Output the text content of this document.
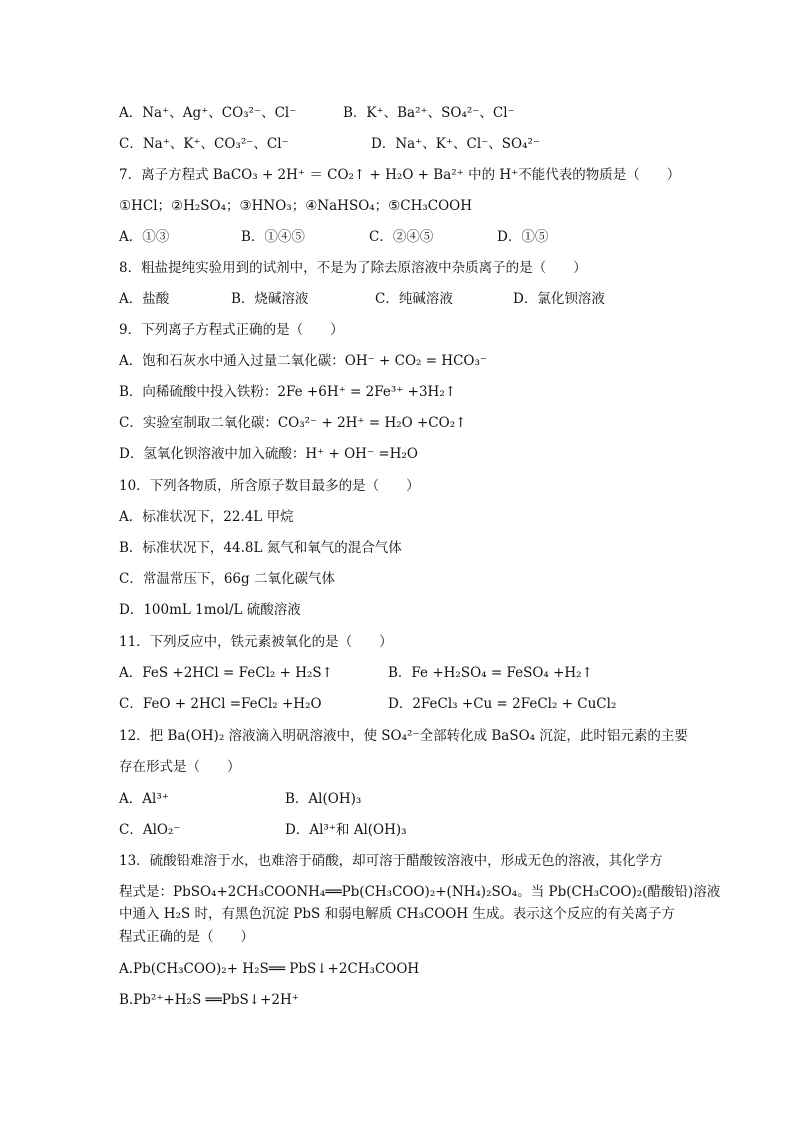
A．Na⁺、Ag⁺、CO₃²⁻、Cl⁻	B．K⁺、Ba²⁺、SO₄²⁻、Cl⁻
C．Na⁺、K⁺、CO₃²⁻、Cl⁻	D．Na⁺、K⁺、Cl⁻、SO₄²⁻
7．离子方程式 BaCO₃ + 2H⁺ ＝ CO₂↑ + H₂O + Ba²⁺ 中的 H⁺不能代表的物质是（　　）
①HCl；②H₂SO₄；③HNO₃；④NaHSO₄；⑤CH₃COOH
A．①③	B．①④⑤	C．②④⑤	D．①⑤
8．粗盐提纯实验用到的试剂中，不是为了除去原溶液中杂质离子的是（　　）
A．盐酸	B．烧碱溶液	C．纯碱溶液	D．氯化钡溶液
9．下列离子方程式正确的是（　　）
A．饱和石灰水中通入过量二氧化碳：OH⁻ + CO₂ = HCO₃⁻
B．向稀硫酸中投入铁粉：2Fe +6H⁺ = 2Fe³⁺ +3H₂↑
C．实验室制取二氧化碳：CO₃²⁻ + 2H⁺ = H₂O +CO₂↑
D．氢氧化钡溶液中加入硫酸：H⁺ + OH⁻ =H₂O
10．下列各物质，所含原子数目最多的是（　　）
A．标准状况下，22.4L 甲烷
B．标准状况下，44.8L 氮气和氧气的混合气体
C．常温常压下，66g 二氧化碳气体
D．100mL 1mol/L 硫酸溶液
11．下列反应中，铁元素被氧化的是（　　）
A．FeS +2HCl = FeCl₂ + H₂S↑	B．Fe +H₂SO₄ = FeSO₄ +H₂↑
C．FeO + 2HCl =FeCl₂ +H₂O	D．2FeCl₃ +Cu = 2FeCl₂ + CuCl₂
12．把 Ba(OH)₂ 溶液滴入明矾溶液中，使 SO₄²⁻全部转化成 BaSO₄ 沉淀，此时铝元素的主要
存在形式是（　　）
A．Al³⁺	B．Al(OH)₃
C．AlO₂⁻	D．Al³⁺和 Al(OH)₃
13．硫酸铅难溶于水，也难溶于硝酸，却可溶于醋酸铵溶液中，形成无色的溶液，其化学方
程式是：PbSO₄+2CH₃COONH₄══Pb(CH₃COO)₂+(NH₄)₂SO₄。当 Pb(CH₃COO)₂(醋酸铅)溶液
中通入 H₂S 时，有黑色沉淀 PbS 和弱电解质 CH₃COOH 生成。表示这个反应的有关离子方
程式正确的是（　　）
A.Pb(CH₃COO)₂+ H₂S══ PbS↓+2CH₃COOH
B.Pb²⁺+H₂S ══PbS↓+2H⁺
